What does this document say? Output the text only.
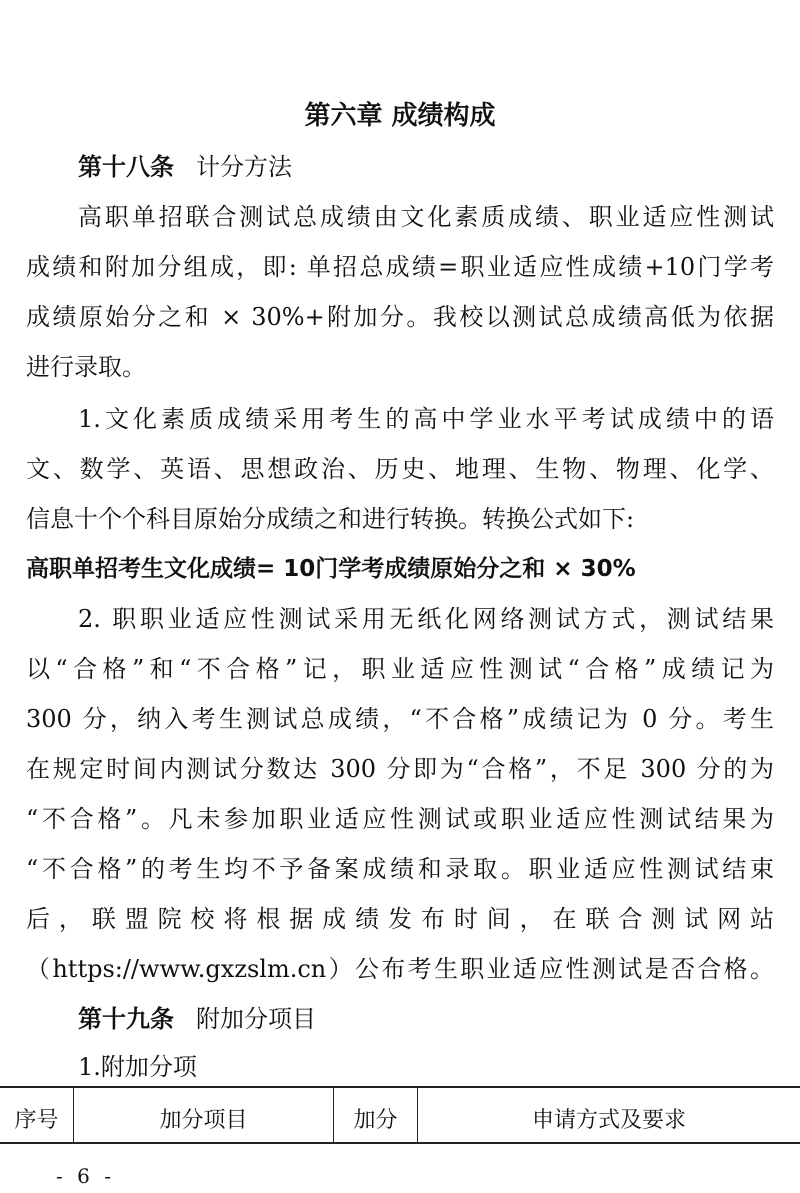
第六章 成绩构成
第十八条 计分方法
高职单招联合测试总成绩由文化素质成绩、职业适应性测试
成绩和附加分组成，即: 单招总成绩=职业适应性成绩+10门学考
成绩原始分之和 × 30%+附加分。我校以测试总成绩高低为依据
进行录取。
1.文化素质成绩采用考生的高中学业水平考试成绩中的语
文、数学、英语、思想政治、历史、地理、生物、物理、化学、
信息十个个科目原始分成绩之和进行转换。转换公式如下:
高职单招考生文化成绩= 10门学考成绩原始分之和 × 30%
2. 职职业适应性测试采用无纸化网络测试方式，测试结果
以“合格”和“不合格”记，职业适应性测试“合格”成绩记为
300 分，纳入考生测试总成绩，“不合格”成绩记为 0 分。考生
在规定时间内测试分数达 300 分即为“合格”，不足 300 分的为
“不合格”。凡未参加职业适应性测试或职业适应性测试结果为
“不合格”的考生均不予备案成绩和录取。职业适应性测试结束
后，联盟院校将根据成绩发布时间，在联合测试网站
（https://www.gxzslm.cn）公布考生职业适应性测试是否合格。
第十九条 附加分项目
1.附加分项
序号	加分项目	加分	申请方式及要求
- 6 -
